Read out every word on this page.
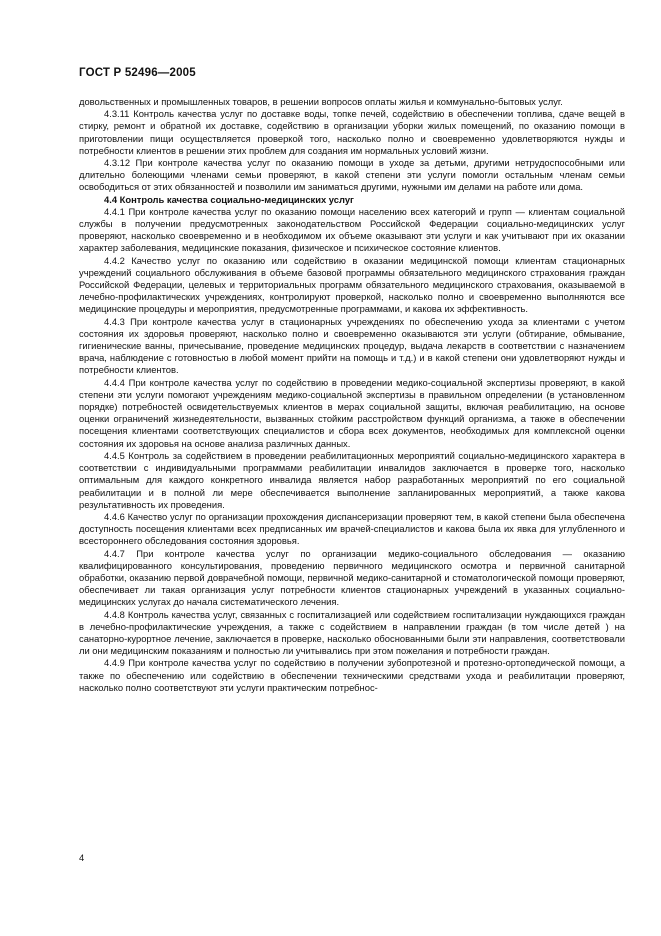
ГОСТ Р 52496—2005

довольственных и промышленных товаров, в решении вопросов оплаты жилья и коммунально-бытовых услуг.

4.3.11 Контроль качества услуг по доставке воды, топке печей, содействию в обеспечении топлива, сдаче вещей в стирку, ремонт и обратной их доставке, содействию в организации уборки жилых помещений, по оказанию помощи в приготовлении пищи осуществляется проверкой того, насколько полно и своевременно удовлетворяются нужды и потребности клиентов в решении этих проблем для создания им нормальных условий жизни.

4.3.12 При контроле качества услуг по оказанию помощи в уходе за детьми, другими нетрудоспособными или длительно болеющими членами семьи проверяют, в какой степени эти услуги помогли остальным членам семьи освободиться от этих обязанностей и позволили им заниматься другими, нужными им делами на работе или дома.

4.4 Контроль качества социально-медицинских услуг

4.4.1 При контроле качества услуг по оказанию помощи населению всех категорий и групп — клиентам социальной службы в получении предусмотренных законодательством Российской Федерации социально-медицинских услуг проверяют, насколько своевременно и в необходимом их объеме оказывают эти услуги и как учитывают при их оказании характер заболевания, медицинские показания, физическое и психическое состояние клиентов.

4.4.2 Качество услуг по оказанию или содействию в оказании медицинской помощи клиентам стационарных учреждений социального обслуживания в объеме базовой программы обязательного медицинского страхования граждан Российской Федерации, целевых и территориальных программ обязательного медицинского страхования, оказываемой в лечебно-профилактических учреждениях, контролируют проверкой, насколько полно и своевременно выполняются все медицинские процедуры и мероприятия, предусмотренные программами, и какова их эффективность.

4.4.3 При контроле качества услуг в стационарных учреждениях по обеспечению ухода за клиентами с учетом состояния их здоровья проверяют, насколько полно и своевременно оказываются эти услуги (обтирание, обмывание, гигиенические ванны, причесывание, проведение медицинских процедур, выдача лекарств в соответствии с назначением врача, наблюдение с готовностью в любой момент прийти на помощь и т.д.) и в какой степени они удовлетворяют нужды и потребности клиентов.

4.4.4 При контроле качества услуг по содействию в проведении медико-социальной экспертизы проверяют, в какой степени эти услуги помогают учреждениям медико-социальной экспертизы в правильном определении (в установленном порядке) потребностей освидетельствуемых клиентов в мерах социальной защиты, включая реабилитацию, на основе оценки ограничений жизнедеятельности, вызванных стойким расстройством функций организма, а также в обеспечении посещения клиентами соответствующих специалистов и сбора всех документов, необходимых для комплексной оценки состояния их здоровья на основе анализа различных данных.

4.4.5 Контроль за содействием в проведении реабилитационных мероприятий социально-медицинского характера в соответствии с индивидуальными программами реабилитации инвалидов заключается в проверке того, насколько оптимальным для каждого конкретного инвалида является набор разработанных мероприятий по его социальной реабилитации и в полной ли мере обеспечивается выполнение запланированных мероприятий, а также какова результативность их проведения.

4.4.6 Качество услуг по организации прохождения диспансеризации проверяют тем, в какой степени была обеспечена доступность посещения клиентами всех предписанных им врачей-специалистов и какова была их явка для углубленного и всестороннего обследования состояния здоровья.

4.4.7 При контроле качества услуг по организации медико-социального обследования — оказанию квалифицированного консультирования, проведению первичного медицинского осмотра и первичной санитарной обработки, оказанию первой доврачебной помощи, первичной медико-санитарной и стоматологической помощи проверяют, обеспечивает ли такая организация услуг потребности клиентов стационарных учреждений в указанных социально-медицинских услугах до начала систематического лечения.

4.4.8 Контроль качества услуг, связанных с госпитализацией или содействием госпитализации нуждающихся граждан в лечебно-профилактические учреждения, а также с содействием в направлении граждан (в том числе детей ) на санаторно-курортное лечение, заключается в проверке, насколько обоснованными были эти направления, соответствовали ли они медицинским показаниям и полностью ли учитывались при этом пожелания и потребности граждан.

4.4.9 При контроле качества услуг по содействию в получении зубопротезной и протезно-ортопедической помощи, а также по обеспечению или содействию в обеспечении техническими средствами ухода и реабилитации проверяют, насколько полно соответствуют эти услуги практическим потребнос-

4
